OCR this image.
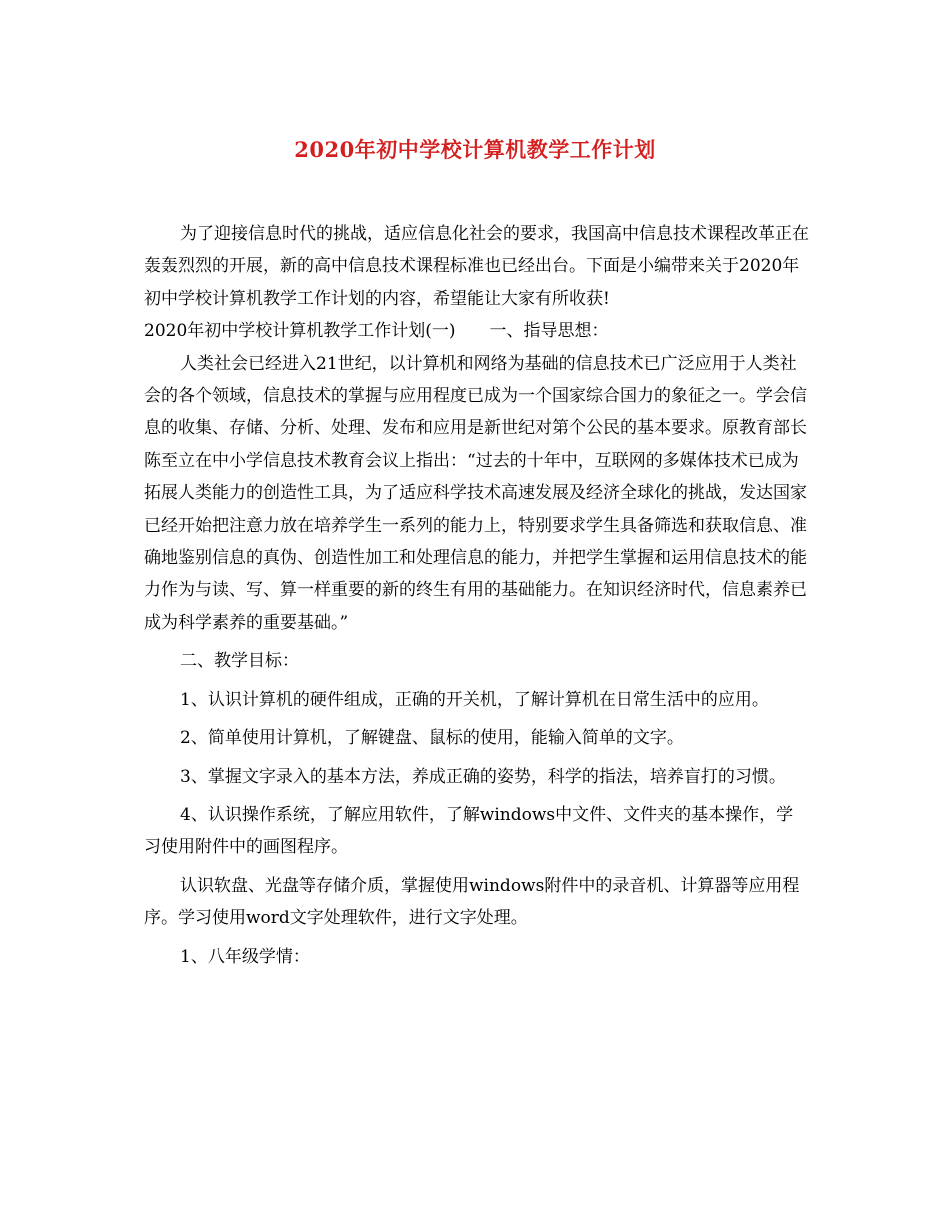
2020年初中学校计算机教学工作计划

为了迎接信息时代的挑战，适应信息化社会的要求，我国高中信息技术课程改革正在轰轰烈烈的开展，新的高中信息技术课程标准也已经出台。下面是小编带来关于2020年初中学校计算机教学工作计划的内容，希望能让大家有所收获!

2020年初中学校计算机教学工作计划(一)　　一、指导思想：

人类社会已经进入21世纪，以计算机和网络为基础的信息技术已广泛应用于人类社会的各个领域，信息技术的掌握与应用程度已成为一个国家综合国力的象征之一。学会信息的收集、存储、分析、处理、发布和应用是新世纪对第个公民的基本要求。原教育部长陈至立在中小学信息技术教育会议上指出：“过去的十年中，互联网的多媒体技术已成为拓展人类能力的创造性工具，为了适应科学技术高速发展及经济全球化的挑战，发达国家已经开始把注意力放在培养学生一系列的能力上，特别要求学生具备筛选和获取信息、准确地鉴别信息的真伪、创造性加工和处理信息的能力，并把学生掌握和运用信息技术的能力作为与读、写、算一样重要的新的终生有用的基础能力。在知识经济时代，信息素养已成为科学素养的重要基础。”

二、教学目标：

1、认识计算机的硬件组成，正确的开关机，了解计算机在日常生活中的应用。

2、简单使用计算机，了解键盘、鼠标的使用，能输入简单的文字。

3、掌握文字录入的基本方法，养成正确的姿势，科学的指法，培养盲打的习惯。

4、认识操作系统，了解应用软件，了解windows中文件、文件夹的基本操作，学习使用附件中的画图程序。

认识软盘、光盘等存储介质，掌握使用windows附件中的录音机、计算器等应用程序。学习使用word文字处理软件，进行文字处理。

1、八年级学情：
